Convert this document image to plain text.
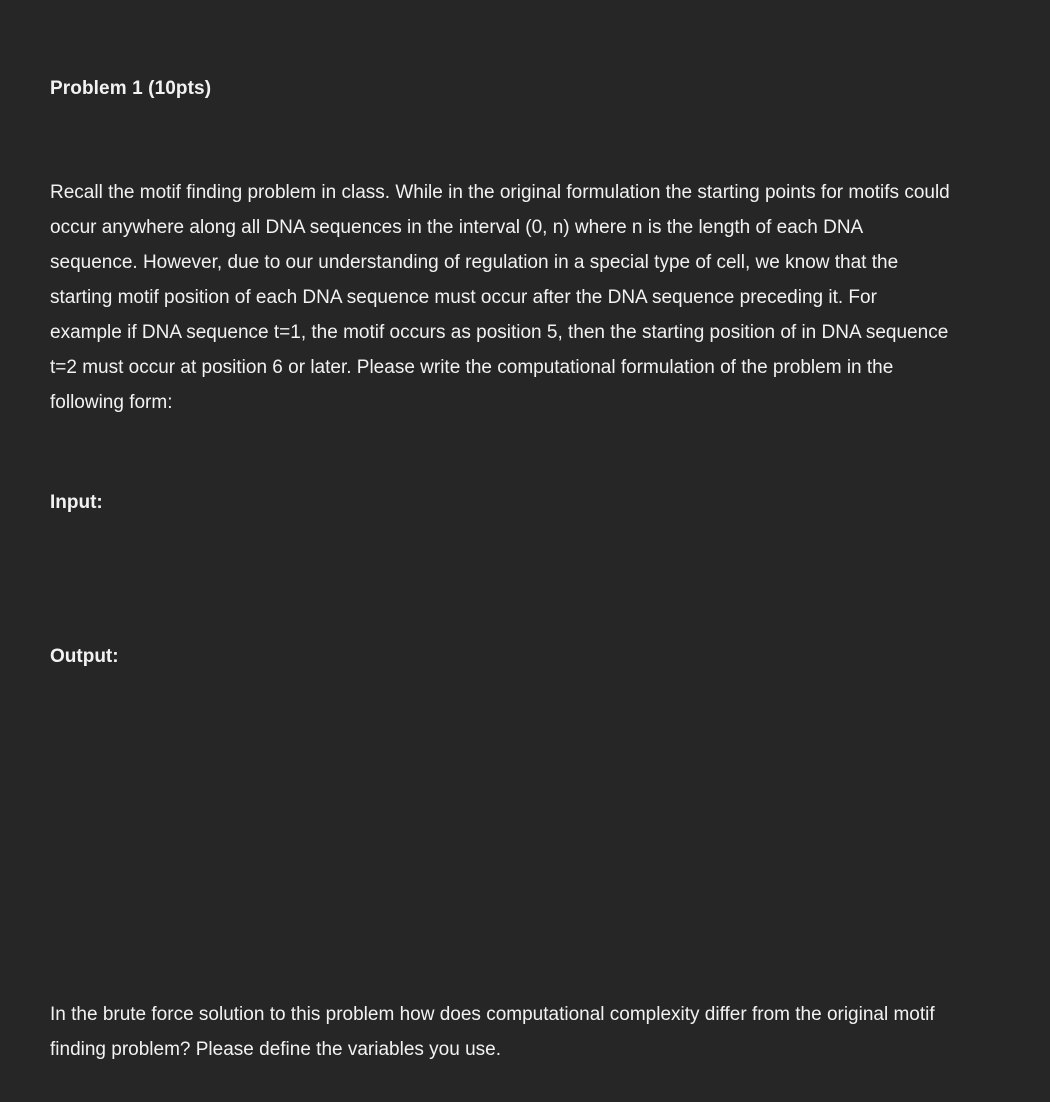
Problem 1 (10pts)

Recall the motif finding problem in class. While in the original formulation the starting points for motifs could occur anywhere along all DNA sequences in the interval (0, n) where n is the length of each DNA sequence. However, due to our understanding of regulation in a special type of cell, we know that the starting motif position of each DNA sequence must occur after the DNA sequence preceding it. For example if DNA sequence t=1, the motif occurs as position 5, then the starting position of in DNA sequence t=2 must occur at position 6 or later. Please write the computational formulation of the problem in the following form:

Input:
Output:

In the brute force solution to this problem how does computational complexity differ from the original motif finding problem? Please define the variables you use.
